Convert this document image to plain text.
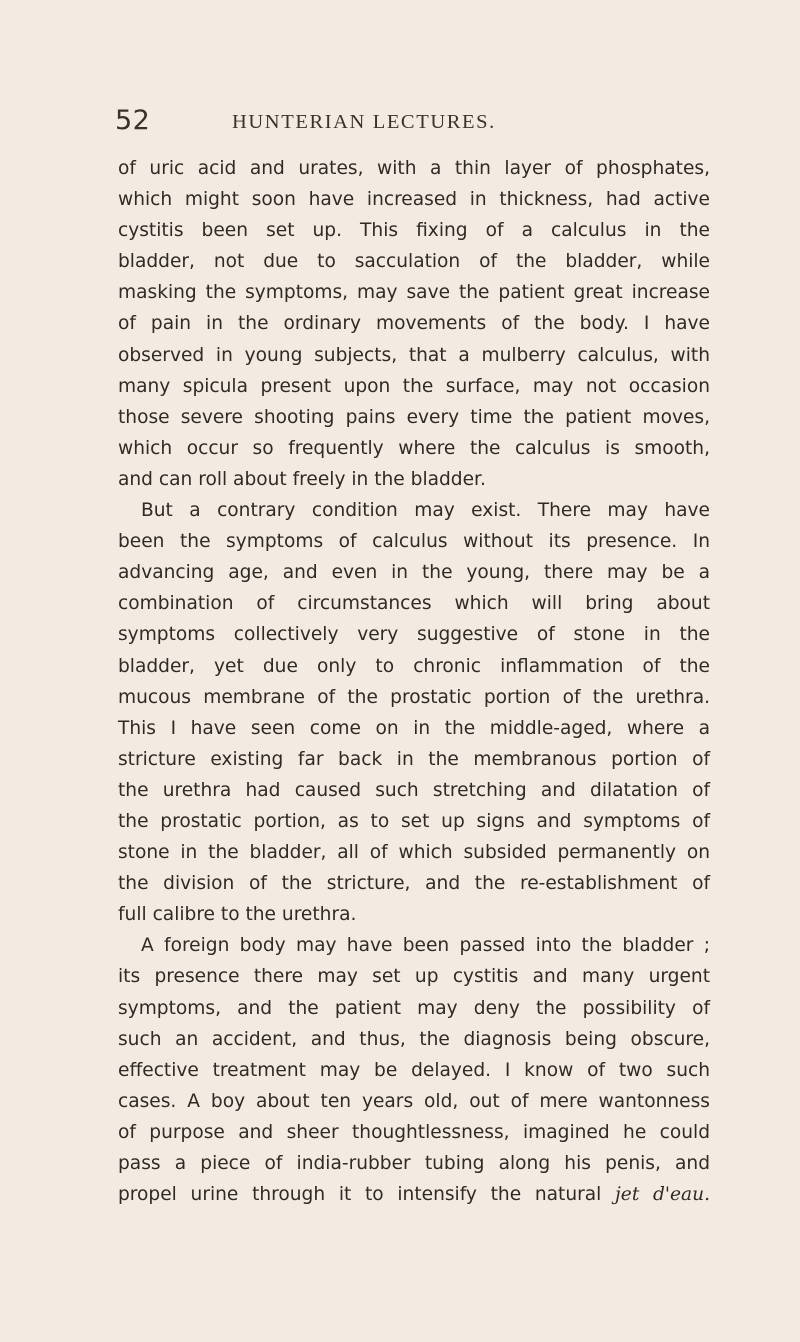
52	HUNTERIAN LECTURES.
of uric acid and urates, with a thin layer of phosphates,
which might soon have increased in thickness, had active
cystitis been set up. This fixing of a calculus in the
bladder, not due to sacculation of the bladder, while
masking the symptoms, may save the patient great increase
of pain in the ordinary movements of the body. I have
observed in young subjects, that a mulberry calculus, with
many spicula present upon the surface, may not occasion
those severe shooting pains every time the patient moves,
which occur so frequently where the calculus is smooth,
and can roll about freely in the bladder.
But a contrary condition may exist. There may have
been the symptoms of calculus without its presence. In
advancing age, and even in the young, there may be a
combination of circumstances which will bring about
symptoms collectively very suggestive of stone in the
bladder, yet due only to chronic inflammation of the
mucous membrane of the prostatic portion of the urethra.
This I have seen come on in the middle-aged, where a
stricture existing far back in the membranous portion of
the urethra had caused such stretching and dilatation of
the prostatic portion, as to set up signs and symptoms of
stone in the bladder, all of which subsided permanently on
the division of the stricture, and the re-establishment of
full calibre to the urethra.
A foreign body may have been passed into the bladder ;
its presence there may set up cystitis and many urgent
symptoms, and the patient may deny the possibility of
such an accident, and thus, the diagnosis being obscure,
effective treatment may be delayed. I know of two such
cases. A boy about ten years old, out of mere wantonness
of purpose and sheer thoughtlessness, imagined he could
pass a piece of india-rubber tubing along his penis, and
propel urine through it to intensify the natural jet d'eau.
